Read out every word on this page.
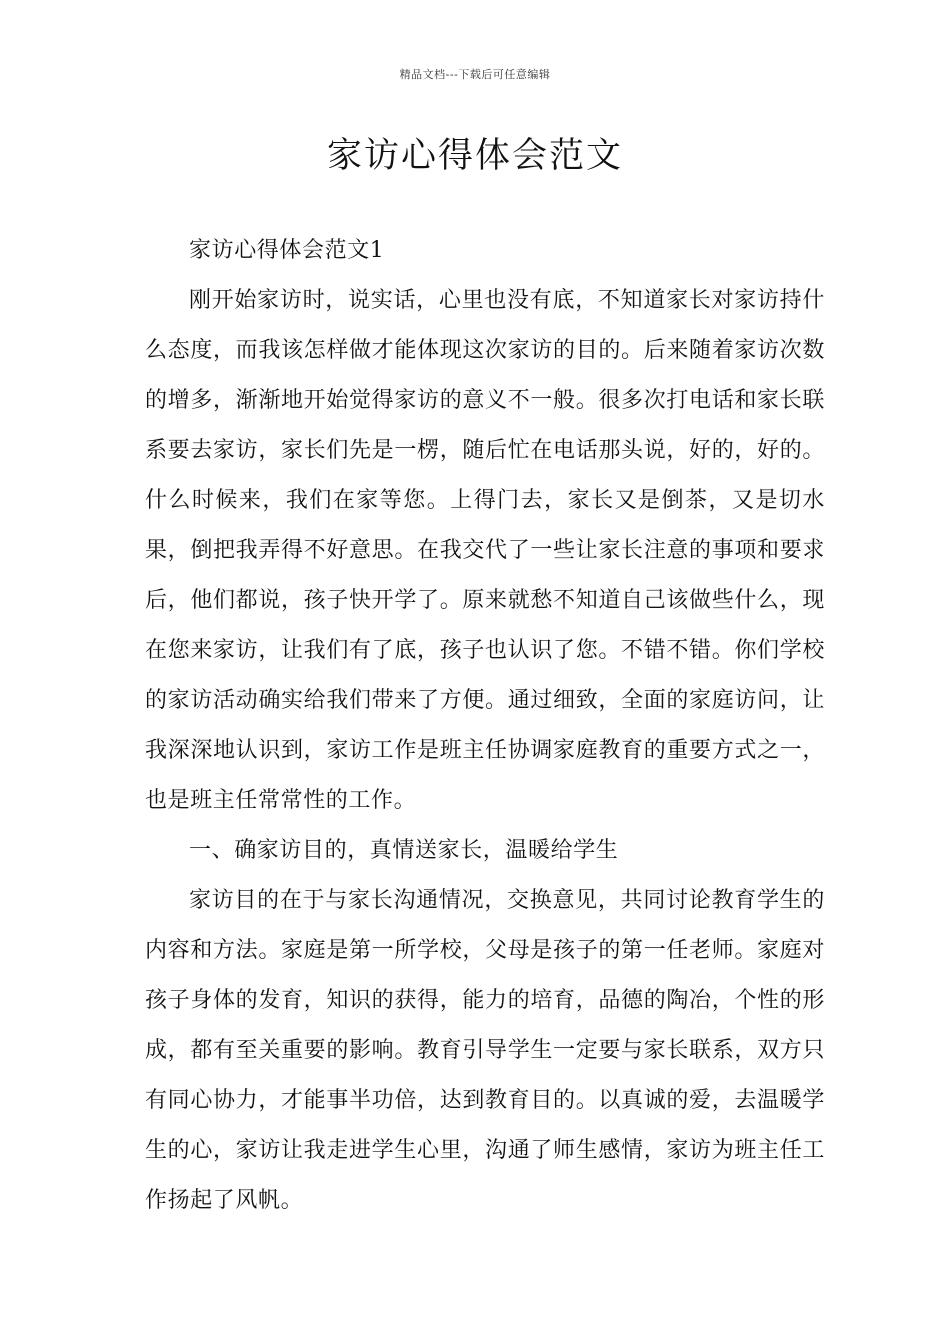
精品文档---下载后可任意编辑
家访心得体会范文

家访心得体会范文1

刚开始家访时，说实话，心里也没有底，不知道家长对家访持什么态度，而我该怎样做才能体现这次家访的目的。后来随着家访次数的增多，渐渐地开始觉得家访的意义不一般。很多次打电话和家长联系要去家访，家长们先是一楞，随后忙在电话那头说，好的，好的。什么时候来，我们在家等您。上得门去，家长又是倒茶，又是切水果，倒把我弄得不好意思。在我交代了一些让家长注意的事项和要求后，他们都说，孩子快开学了。原来就愁不知道自己该做些什么，现在您来家访，让我们有了底，孩子也认识了您。不错不错。你们学校的家访活动确实给我们带来了方便。通过细致，全面的家庭访问，让我深深地认识到，家访工作是班主任协调家庭教育的重要方式之一，也是班主任常常性的工作。

一、确家访目的，真情送家长，温暖给学生

家访目的在于与家长沟通情况，交换意见，共同讨论教育学生的内容和方法。家庭是第一所学校，父母是孩子的第一任老师。家庭对孩子身体的发育，知识的获得，能力的培育，品德的陶冶，个性的形成，都有至关重要的影响。教育引导学生一定要与家长联系，双方只有同心协力，才能事半功倍，达到教育目的。以真诚的爱，去温暖学生的心，家访让我走进学生心里，沟通了师生感情，家访为班主任工作扬起了风帆。
